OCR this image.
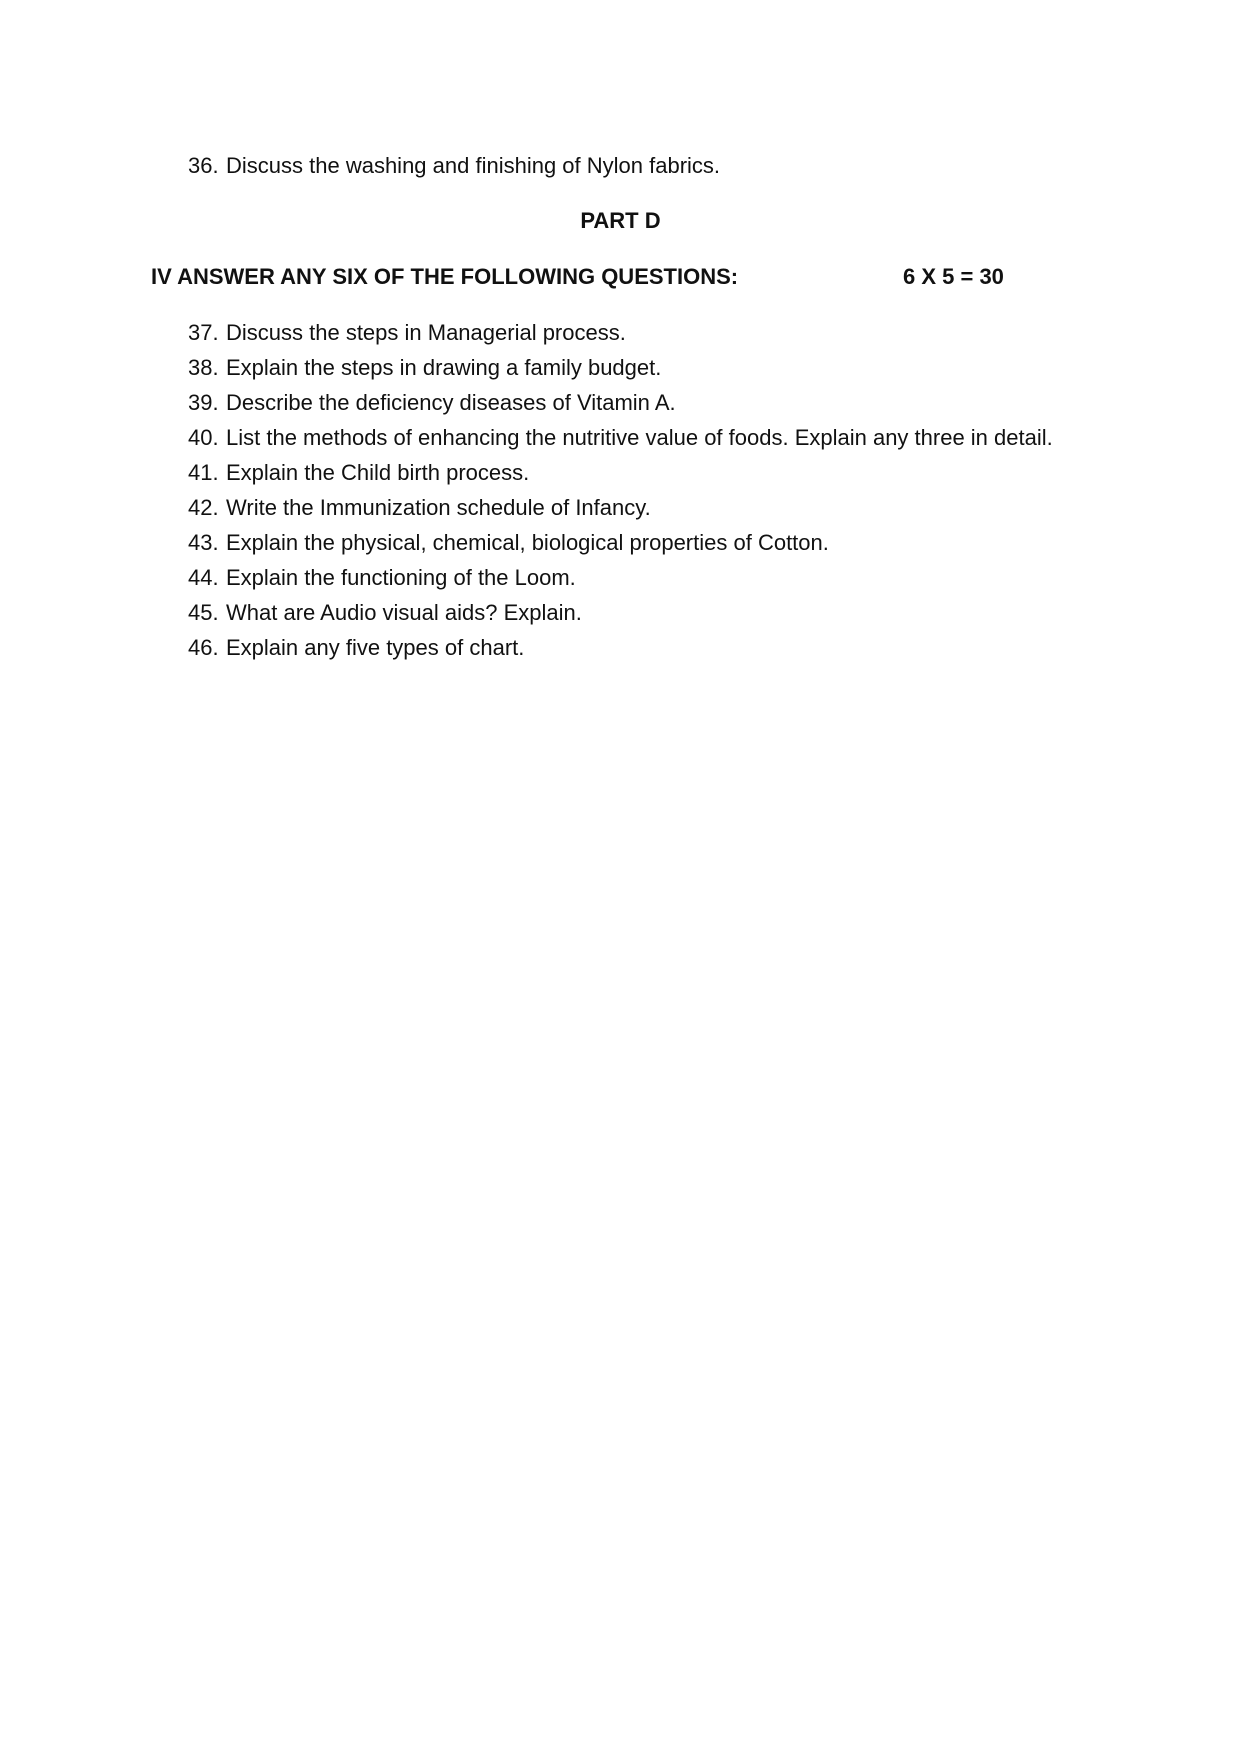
36. Discuss the washing and finishing of Nylon fabrics.
PART D
IV ANSWER ANY SIX OF THE FOLLOWING QUESTIONS:	6 X 5 = 30
37. Discuss the steps in Managerial process.
38. Explain the steps in drawing a family budget.
39. Describe the deficiency diseases of Vitamin A.
40. List the methods of enhancing the nutritive value of foods. Explain any three in detail.
41. Explain the Child birth process.
42. Write the Immunization schedule of Infancy.
43. Explain the physical, chemical, biological properties of Cotton.
44. Explain the functioning of the Loom.
45. What are Audio visual aids? Explain.
46. Explain any five types of chart.
